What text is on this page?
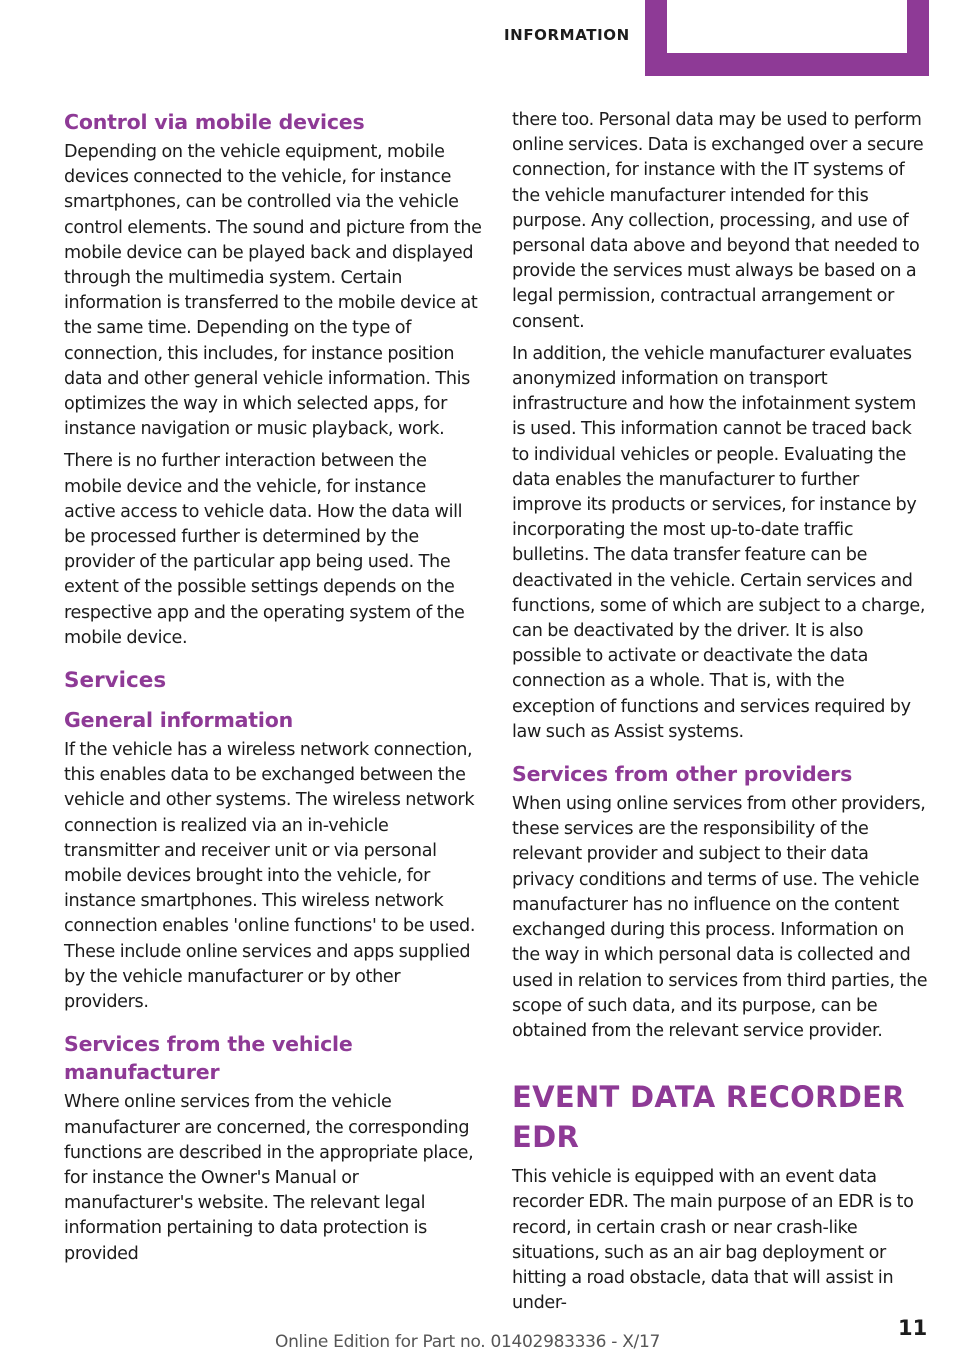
INFORMATION
Control via mobile devices

Depending on the vehicle equipment, mobile devices connected to the vehicle, for instance smartphones, can be controlled via the vehicle control elements. The sound and picture from the mobile device can be played back and displayed through the multimedia system. Certain information is transferred to the mobile device at the same time. Depending on the type of connection, this includes, for instance position data and other general vehicle information. This optimizes the way in which selected apps, for instance navigation or music playback, work.

There is no further interaction between the mobile device and the vehicle, for instance active access to vehicle data. How the data will be processed further is determined by the provider of the particular app being used. The extent of the possible settings depends on the respective app and the operating system of the mobile device.

Services
General information

If the vehicle has a wireless network connection, this enables data to be exchanged between the vehicle and other systems. The wireless network connection is realized via an in-vehicle transmitter and receiver unit or via personal mobile devices brought into the vehicle, for instance smartphones. This wireless network connection enables 'online functions' to be used. These include online services and apps supplied by the vehicle manufacturer or by other providers.

Services from the vehicle manufacturer

Where online services from the vehicle manufacturer are concerned, the corresponding functions are described in the appropriate place, for instance the Owner's Manual or manufacturer's website. The relevant legal information pertaining to data protection is provided

there too. Personal data may be used to perform online services. Data is exchanged over a secure connection, for instance with the IT systems of the vehicle manufacturer intended for this purpose. Any collection, processing, and use of personal data above and beyond that needed to provide the services must always be based on a legal permission, contractual arrangement or consent.

In addition, the vehicle manufacturer evaluates anonymized information on transport infrastructure and how the infotainment system is used. This information cannot be traced back to individual vehicles or people. Evaluating the data enables the manufacturer to further improve its products or services, for instance by incorporating the most up-to-date traffic bulletins. The data transfer feature can be deactivated in the vehicle. Certain services and functions, some of which are subject to a charge, can be deactivated by the driver. It is also possible to activate or deactivate the data connection as a whole. That is, with the exception of functions and services required by law such as Assist systems.

Services from other providers

When using online services from other providers, these services are the responsibility of the relevant provider and subject to their data privacy conditions and terms of use. The vehicle manufacturer has no influence on the content exchanged during this process. Information on the way in which personal data is collected and used in relation to services from third parties, the scope of such data, and its purpose, can be obtained from the relevant service provider.

EVENT DATA RECORDER EDR

This vehicle is equipped with an event data recorder EDR. The main purpose of an EDR is to record, in certain crash or near crash-like situations, such as an air bag deployment or hitting a road obstacle, data that will assist in under-

Online Edition for Part no. 01402983336 - X/17
11
